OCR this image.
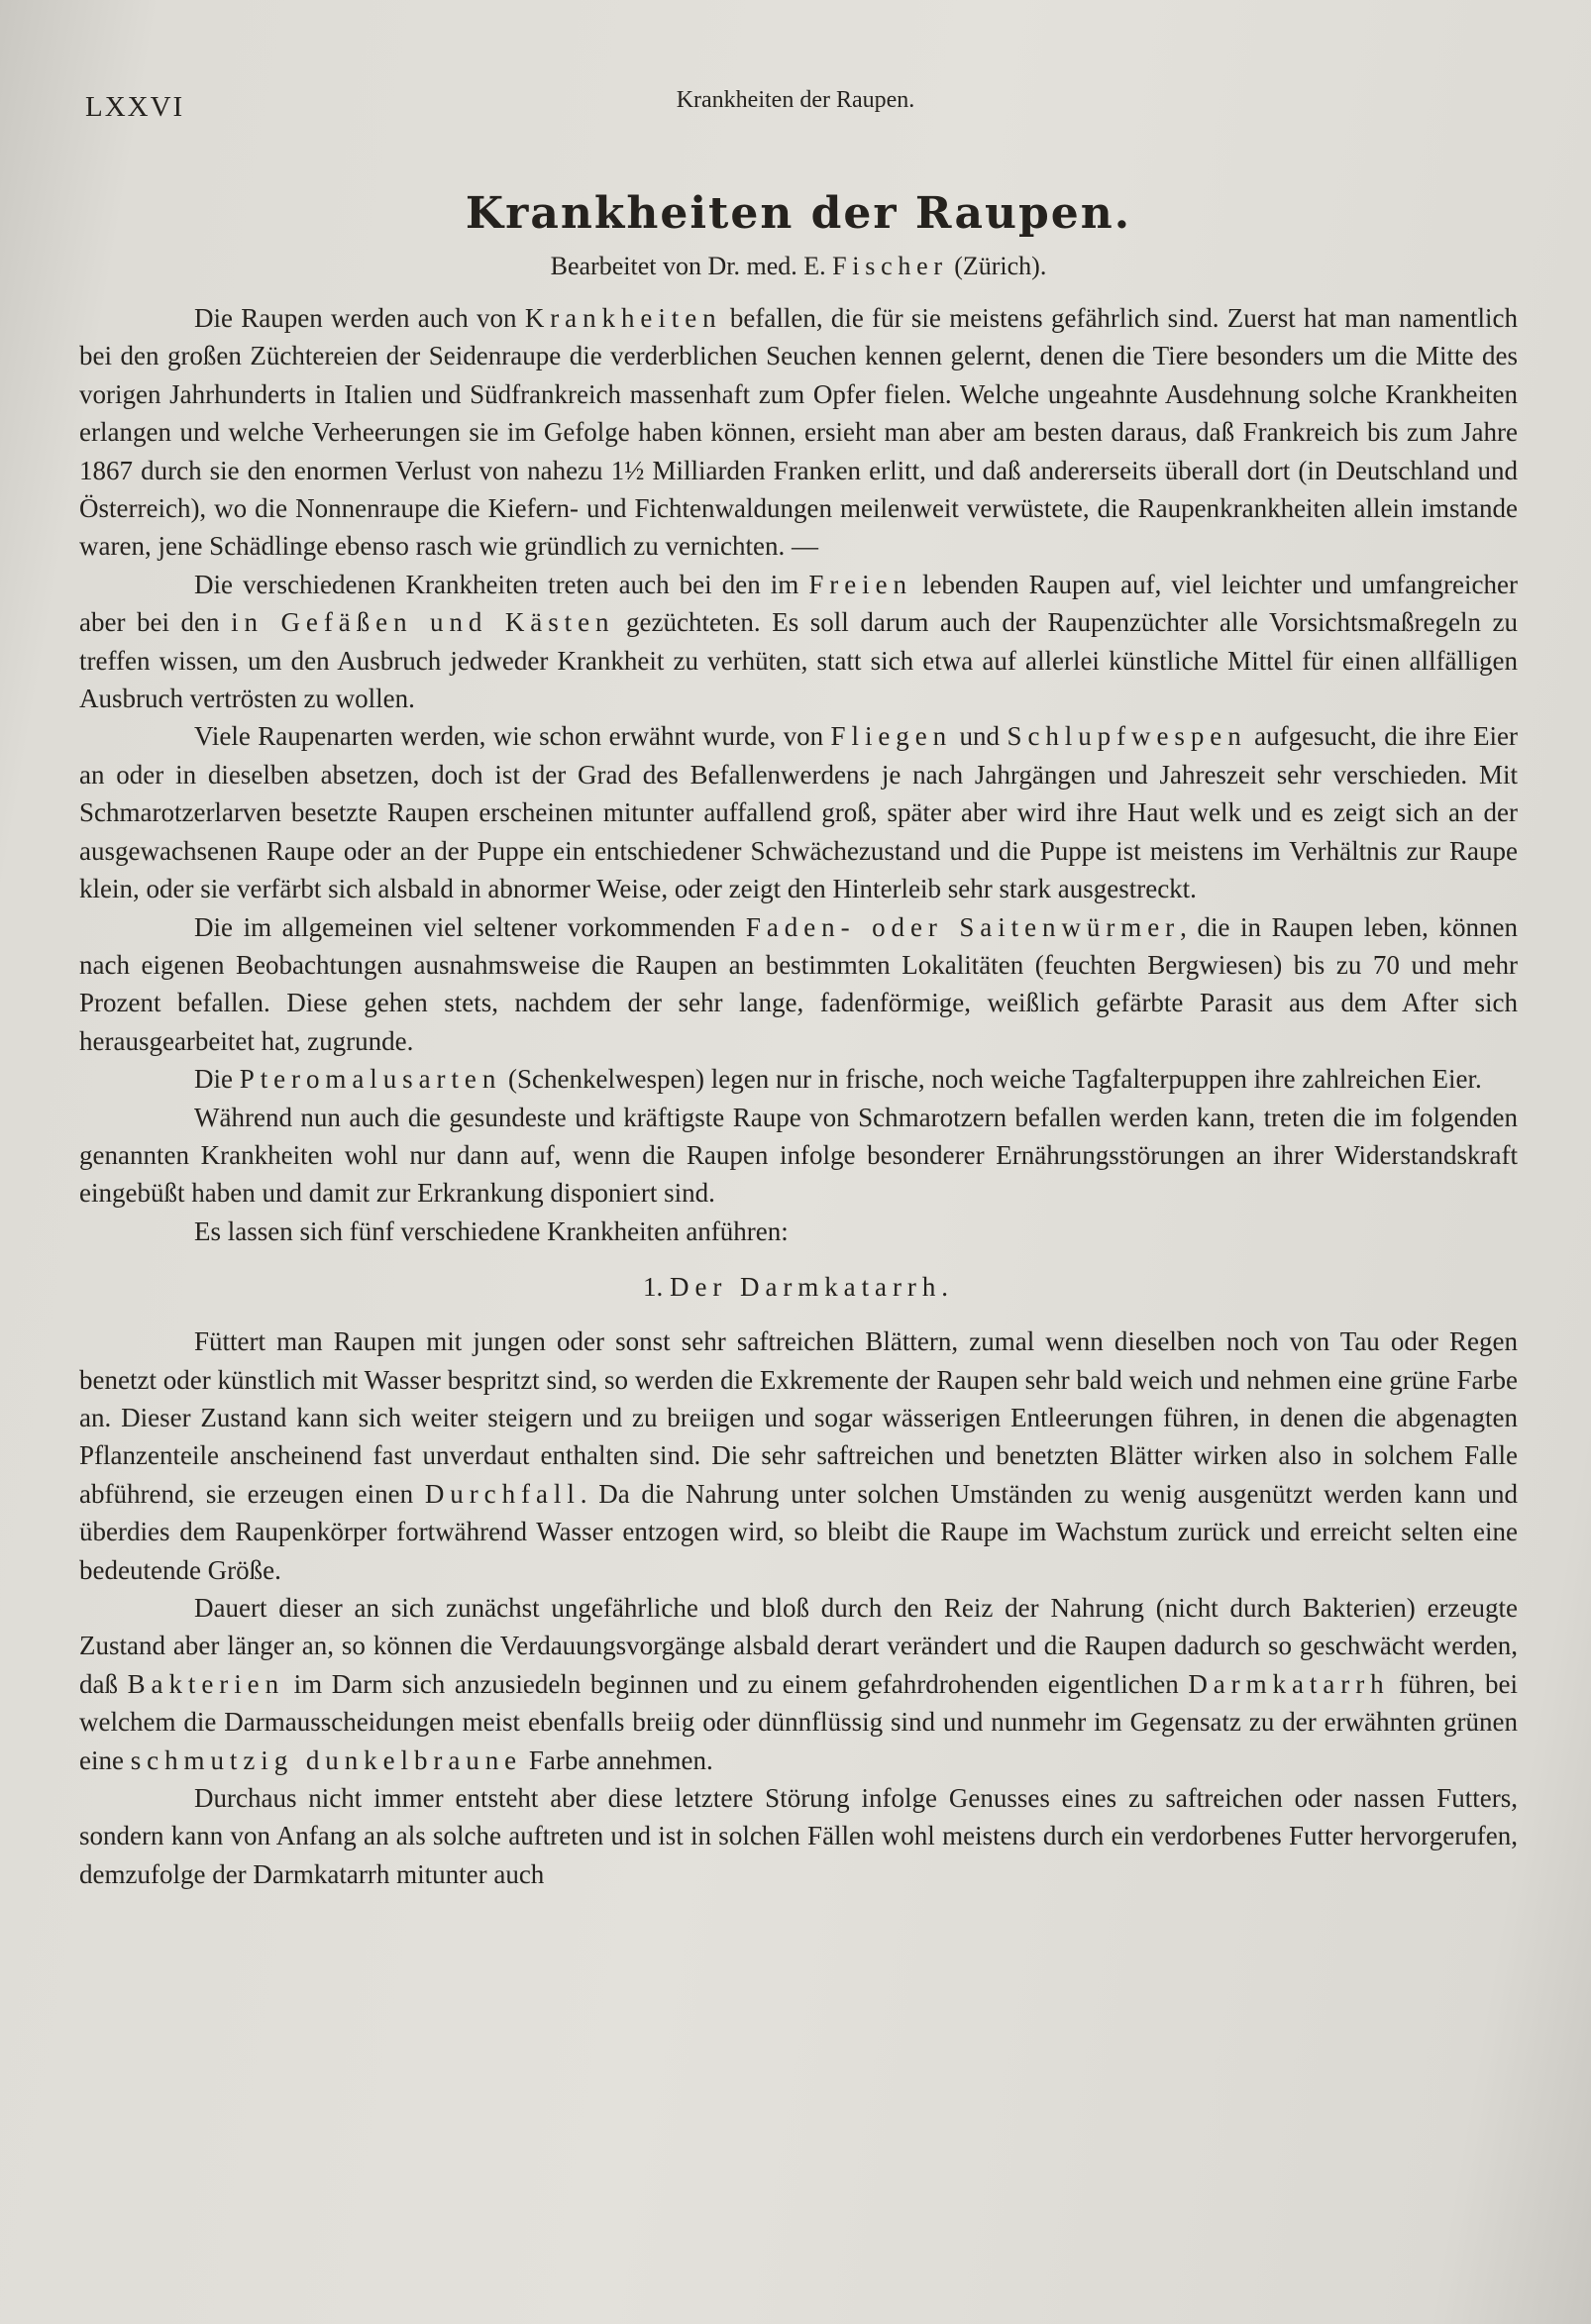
LXXVI	Krankheiten der Raupen.
Krankheiten der Raupen.
Bearbeitet von Dr. med. E. Fischer (Zürich).

Die Raupen werden auch von Krankheiten befallen, die für sie meistens gefährlich sind. Zuerst hat man namentlich bei den großen Züchtereien der Seidenraupe die verderblichen Seuchen kennen gelernt, denen die Tiere besonders um die Mitte des vorigen Jahrhunderts in Italien und Südfrankreich massenhaft zum Opfer fielen. Welche ungeahnte Ausdehnung solche Krankheiten erlangen und welche Verheerungen sie im Gefolge haben können, ersieht man aber am besten daraus, daß Frankreich bis zum Jahre 1867 durch sie den enormen Verlust von nahezu 1½ Milliarden Franken erlitt, und daß andererseits überall dort (in Deutschland und Österreich), wo die Nonnenraupe die Kiefern- und Fichtenwaldungen meilenweit verwüstete, die Raupenkrankheiten allein imstande waren, jene Schädlinge ebenso rasch wie gründlich zu vernichten. —

Die verschiedenen Krankheiten treten auch bei den im Freien lebenden Raupen auf, viel leichter und umfangreicher aber bei den in Gefäßen und Kästen gezüchteten. Es soll darum auch der Raupenzüchter alle Vorsichtsmaßregeln zu treffen wissen, um den Ausbruch jedweder Krankheit zu verhüten, statt sich etwa auf allerlei künstliche Mittel für einen allfälligen Ausbruch vertrösten zu wollen.

Viele Raupenarten werden, wie schon erwähnt wurde, von Fliegen und Schlupfwespen aufgesucht, die ihre Eier an oder in dieselben absetzen, doch ist der Grad des Befallenwerdens je nach Jahrgängen und Jahreszeit sehr verschieden. Mit Schmarotzerlarven besetzte Raupen erscheinen mitunter auffallend groß, später aber wird ihre Haut welk und es zeigt sich an der ausgewachsenen Raupe oder an der Puppe ein entschiedener Schwächezustand und die Puppe ist meistens im Verhältnis zur Raupe klein, oder sie verfärbt sich alsbald in abnormer Weise, oder zeigt den Hinterleib sehr stark ausgestreckt.

Die im allgemeinen viel seltener vorkommenden Faden- oder Saitenwürmer, die in Raupen leben, können nach eigenen Beobachtungen ausnahmsweise die Raupen an bestimmten Lokalitäten (feuchten Bergwiesen) bis zu 70 und mehr Prozent befallen. Diese gehen stets, nachdem der sehr lange, fadenförmige, weißlich gefärbte Parasit aus dem After sich herausgearbeitet hat, zugrunde.

Die Pteromalusarten (Schenkelwespen) legen nur in frische, noch weiche Tagfalterpuppen ihre zahlreichen Eier.

Während nun auch die gesundeste und kräftigste Raupe von Schmarotzern befallen werden kann, treten die im folgenden genannten Krankheiten wohl nur dann auf, wenn die Raupen infolge besonderer Ernährungsstörungen an ihrer Widerstandskraft eingebüßt haben und damit zur Erkrankung disponiert sind.

Es lassen sich fünf verschiedene Krankheiten anführen:

1. Der Darmkatarrh.

Füttert man Raupen mit jungen oder sonst sehr saftreichen Blättern, zumal wenn dieselben noch von Tau oder Regen benetzt oder künstlich mit Wasser bespritzt sind, so werden die Exkremente der Raupen sehr bald weich und nehmen eine grüne Farbe an. Dieser Zustand kann sich weiter steigern und zu breiigen und sogar wässerigen Entleerungen führen, in denen die abgenagten Pflanzenteile anscheinend fast unverdaut enthalten sind. Die sehr saftreichen und benetzten Blätter wirken also in solchem Falle abführend, sie erzeugen einen Durchfall. Da die Nahrung unter solchen Umständen zu wenig ausgenützt werden kann und überdies dem Raupenkörper fortwährend Wasser entzogen wird, so bleibt die Raupe im Wachstum zurück und erreicht selten eine bedeutende Größe.

Dauert dieser an sich zunächst ungefährliche und bloß durch den Reiz der Nahrung (nicht durch Bakterien) erzeugte Zustand aber länger an, so können die Verdauungsvorgänge alsbald derart verändert und die Raupen dadurch so geschwächt werden, daß Bakterien im Darm sich anzusiedeln beginnen und zu einem gefahrdrohenden eigentlichen Darmkatarrh führen, bei welchem die Darmausscheidungen meist ebenfalls breiig oder dünnflüssig sind und nunmehr im Gegensatz zu der erwähnten grünen eine schmutzig dunkelbraune Farbe annehmen.

Durchaus nicht immer entsteht aber diese letztere Störung infolge Genusses eines zu saftreichen oder nassen Futters, sondern kann von Anfang an als solche auftreten und ist in solchen Fällen wohl meistens durch ein verdorbenes Futter hervorgerufen, demzufolge der Darmkatarrh mitunter auch
